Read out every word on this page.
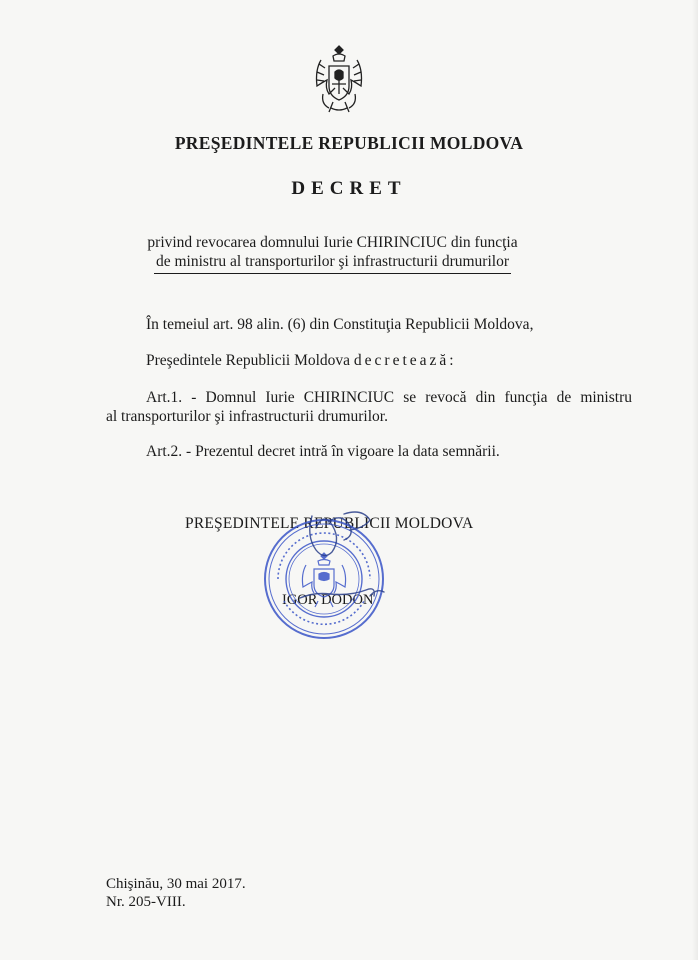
PREŞEDINTELE REPUBLICII MOLDOVA
DECRET
privind revocarea domnului Iurie CHIRINCIUC din funcţia
de ministru al transporturilor şi infrastructurii drumurilor
În temeiul art. 98 alin. (6) din Constituţia Republicii Moldova,
Preşedintele Republicii Moldova decretează:
Art.1. - Domnul Iurie CHIRINCIUC se revocă din funcţia de ministru
al transporturilor şi infrastructurii drumurilor.
Art.2. - Prezentul decret intră în vigoare la data semnării.
PREŞEDINTELE REPUBLICII MOLDOVA
IGOR DODON
Chişinău, 30 mai 2017.
Nr. 205-VIII.
